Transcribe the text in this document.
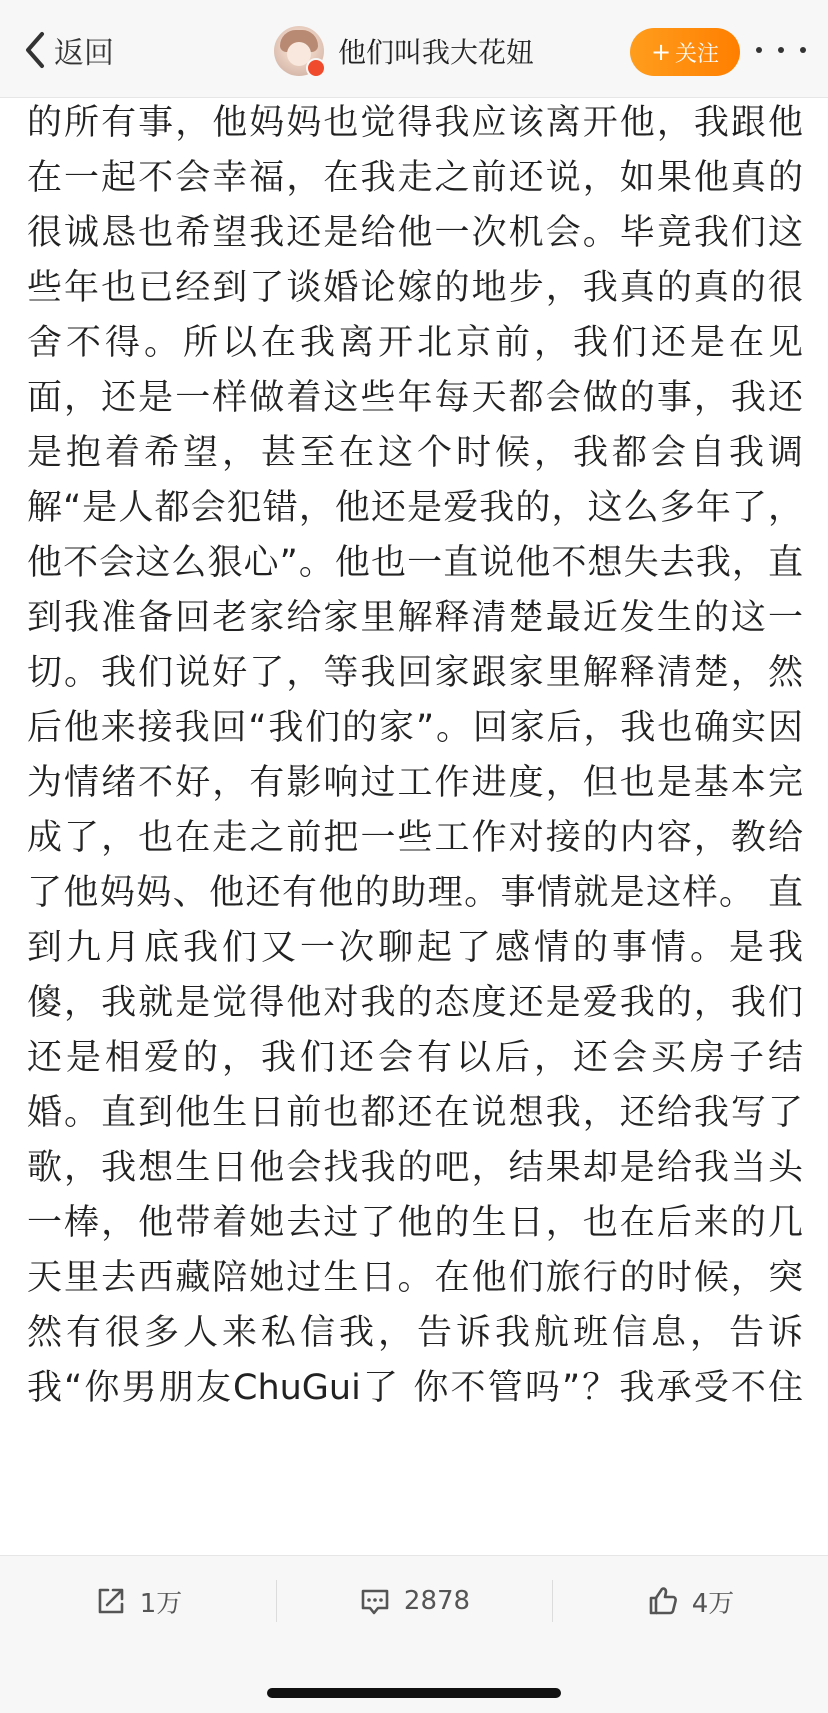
返回	他们叫我大花妞	+ 关注
的所有事，他妈妈也觉得我应该离开他，我跟他
在一起不会幸福，在我走之前还说，如果他真的
很诚恳也希望我还是给他一次机会。毕竟我们这
些年也已经到了谈婚论嫁的地步，我真的真的很
舍不得。所以在我离开北京前，我们还是在见
面，还是一样做着这些年每天都会做的事，我还
是抱着希望，甚至在这个时候，我都会自我调
解“是人都会犯错，他还是爱我的，这么多年了，
他不会这么狠心”。他也一直说他不想失去我，直
到我准备回老家给家里解释清楚最近发生的这一
切。我们说好了，等我回家跟家里解释清楚，然
后他来接我回“我们的家”。回家后，我也确实因
为情绪不好，有影响过工作进度，但也是基本完
成了，也在走之前把一些工作对接的内容，教给
了他妈妈、他还有他的助理。事情就是这样。 直
到九月底我们又一次聊起了感情的事情。是我
傻，我就是觉得他对我的态度还是爱我的，我们
还是相爱的，我们还会有以后，还会买房子结
婚。直到他生日前也都还在说想我，还给我写了
歌，我想生日他会找我的吧，结果却是给我当头
一棒，他带着她去过了他的生日，也在后来的几
天里去西藏陪她过生日。在他们旅行的时候，突
然有很多人来私信我，告诉我航班信息，告诉
我“你男朋友ChuGui了 你不管吗”？我承受不住
1万	2878	4万
